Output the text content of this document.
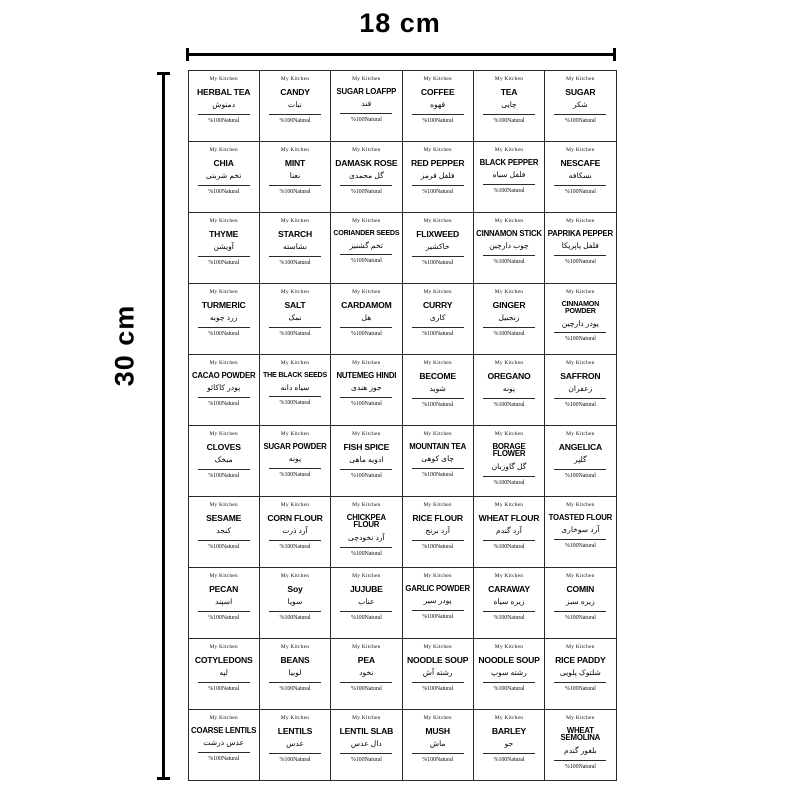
18 cm
30 cm
My Kitchen
HERBAL TEA
دمنوش
%100Natural
My Kitchen
CANDY
نبات
%100Natural
My Kitchen
SUGAR LOAFPP
قند
%100Natural
My Kitchen
COFFEE
قهوه
%100Natural
My Kitchen
TEA
چایی
%100Natural
My Kitchen
SUGAR
شکر
%100Natural
My Kitchen
CHIA
تخم شربتی
%100Natural
My Kitchen
MINT
نعنا
%100Natural
My Kitchen
DAMASK ROSE
گل محمدی
%100Natural
My Kitchen
RED PEPPER
فلفل قرمز
%100Natural
My Kitchen
BLACK PEPPER
فلفل سیاه
%100Natural
My Kitchen
NESCAFE
نسکافه
%100Natural
My Kitchen
THYME
آویشن
%100Natural
My Kitchen
STARCH
نشاسته
%100Natural
My Kitchen
CORIANDER SEEDS
تخم گشنیز
%100Natural
My Kitchen
FLIXWEED
خاکشیر
%100Natural
My Kitchen
CINNAMON STICK
چوب دارچین
%100Natural
My Kitchen
PAPRIKA PEPPER
فلفل پاپریکا
%100Natural
My Kitchen
TURMERIC
زرد چوبه
%100Natural
My Kitchen
SALT
نمک
%100Natural
My Kitchen
CARDAMOM
هل
%100Natural
My Kitchen
CURRY
کاری
%100Natural
My Kitchen
GINGER
زنجبیل
%100Natural
My Kitchen
CINNAMON POWDER
پودر دارچین
%100Natural
My Kitchen
CACAO POWDER
پودر کاکائو
%100Natural
My Kitchen
THE BLACK SEEDS
سیاه دانه
%100Natural
My Kitchen
NUTEMEG HINDI
جوز هندی
%100Natural
My Kitchen
BECOME
شوید
%100Natural
My Kitchen
OREGANO
پونه
%100Natural
My Kitchen
SAFFRON
زعفران
%100Natural
My Kitchen
CLOVES
میخک
%100Natural
My Kitchen
SUGAR POWDER
پونه
%100Natural
My Kitchen
FISH SPICE
ادویه ماهی
%100Natural
My Kitchen
MOUNTAIN TEA
چای کوهی
%100Natural
My Kitchen
BORAGE FLOWER
گل گاوزبان
%100Natural
My Kitchen
ANGELICA
گلپر
%100Natural
My Kitchen
SESAME
کنجد
%100Natural
My Kitchen
CORN FLOUR
آرد ذرت
%100Natural
My Kitchen
CHICKPEA FLOUR
آرد نخودچی
%100Natural
My Kitchen
RICE FLOUR
آرد برنج
%100Natural
My Kitchen
WHEAT FLOUR
آرد گندم
%100Natural
My Kitchen
TOASTED FLOUR
آرد سوخاری
%100Natural
My Kitchen
PECAN
اسپند
%100Natural
My Kitchen
Soy
سویا
%100Natural
My Kitchen
JUJUBE
عناب
%100Natural
My Kitchen
GARLIC POWDER
پودر سیر
%100Natural
My Kitchen
CARAWAY
زیره سیاه
%100Natural
My Kitchen
COMIN
زیره سبز
%100Natural
My Kitchen
COTYLEDONS
لپه
%100Natural
My Kitchen
BEANS
لوبیا
%100Natural
My Kitchen
PEA
نخود
%100Natural
My Kitchen
NOODLE SOUP
رشته آش
%100Natural
My Kitchen
NOODLE SOUP
رشته سوپ
%100Natural
My Kitchen
RICE PADDY
شلتوک پلویی
%100Natural
My Kitchen
COARSE LENTILS
عدس درشت
%100Natural
My Kitchen
LENTILS
عدس
%100Natural
My Kitchen
LENTIL SLAB
دال عدس
%100Natural
My Kitchen
MUSH
ماش
%100Natural
My Kitchen
BARLEY
جو
%100Natural
My Kitchen
WHEAT SEMOLINA
بلغور گندم
%100Natural
